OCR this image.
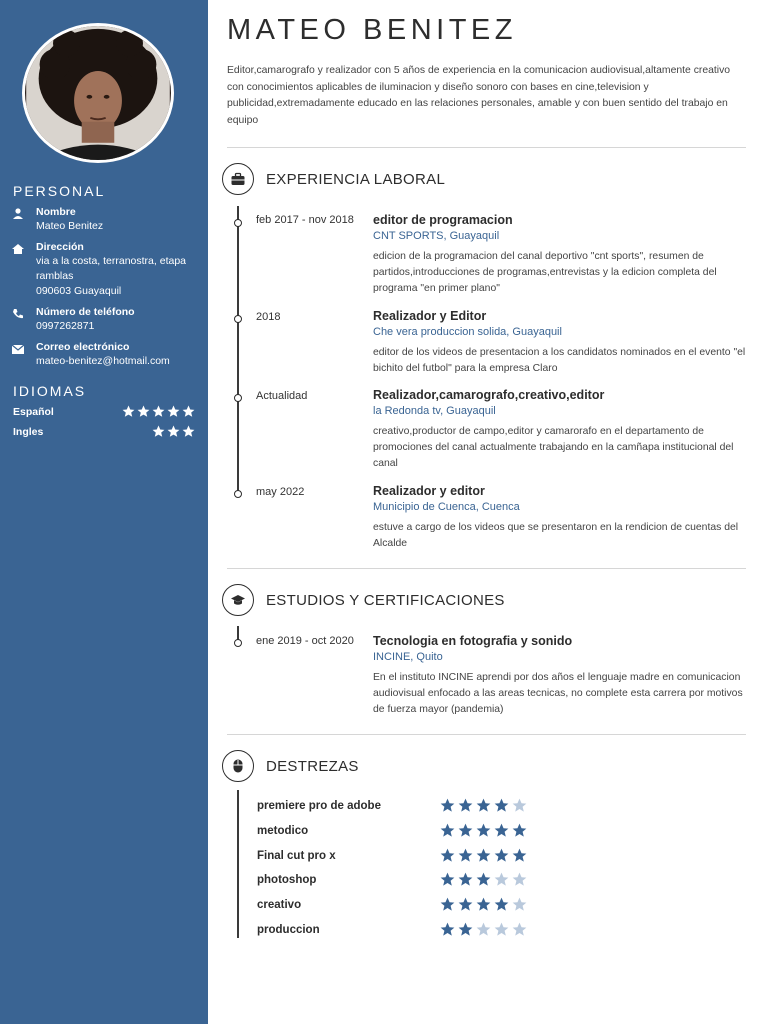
PERSONAL
Nombre
Mateo Benitez
Dirección
via a la costa, terranostra, etapa ramblas
090603 Guayaquil
Número de teléfono
0997262871
Correo electrónico
mateo-benitez@hotmail.com
IDIOMAS
Español
Ingles
MATEO BENITEZ
Editor,camarografo y realizador con 5 años de experiencia en la comunicacion audiovisual,altamente creativo con conocimientos aplicables de iluminacion y diseño sonoro con bases en cine,television y publicidad,extremadamente educado en las relaciones personales, amable y con buen sentido del trabajo en equipo
EXPERIENCIA LABORAL
feb 2017 - nov 2018 editor de programacion
CNT SPORTS, Guayaquil
edicion de la programacion del canal deportivo "cnt sports", resumen de partidos,introducciones de programas,entrevistas y la edicion completa del programa "en primer plano"
2018	Realizador y Editor
Che vera produccion solida, Guayaquil
editor de los videos de presentacion a los candidatos nominados en el evento "el bichito del futbol" para la empresa Claro
Actualidad	Realizador,camarografo,creativo,editor
la Redonda tv, Guayaquil
creativo,productor de campo,editor y camarorafo en el departamento de promociones del canal actualmente trabajando en la camñapa institucional del canal
may 2022	Realizador y editor
Municipio de Cuenca, Cuenca
estuve a cargo de los videos que se presentaron en la rendicion de cuentas del Alcalde
ESTUDIOS Y CERTIFICACIONES
ene 2019 - oct 2020 Tecnologia en fotografia y sonido
INCINE, Quito
En el instituto INCINE aprendi por dos años el lenguaje madre en comunicacion audiovisual enfocado a las areas tecnicas, no complete esta carrera por motivos de fuerza mayor (pandemia)
DESTREZAS
premiere pro de adobe
metodico
Final cut pro x
photoshop
creativo
produccion
